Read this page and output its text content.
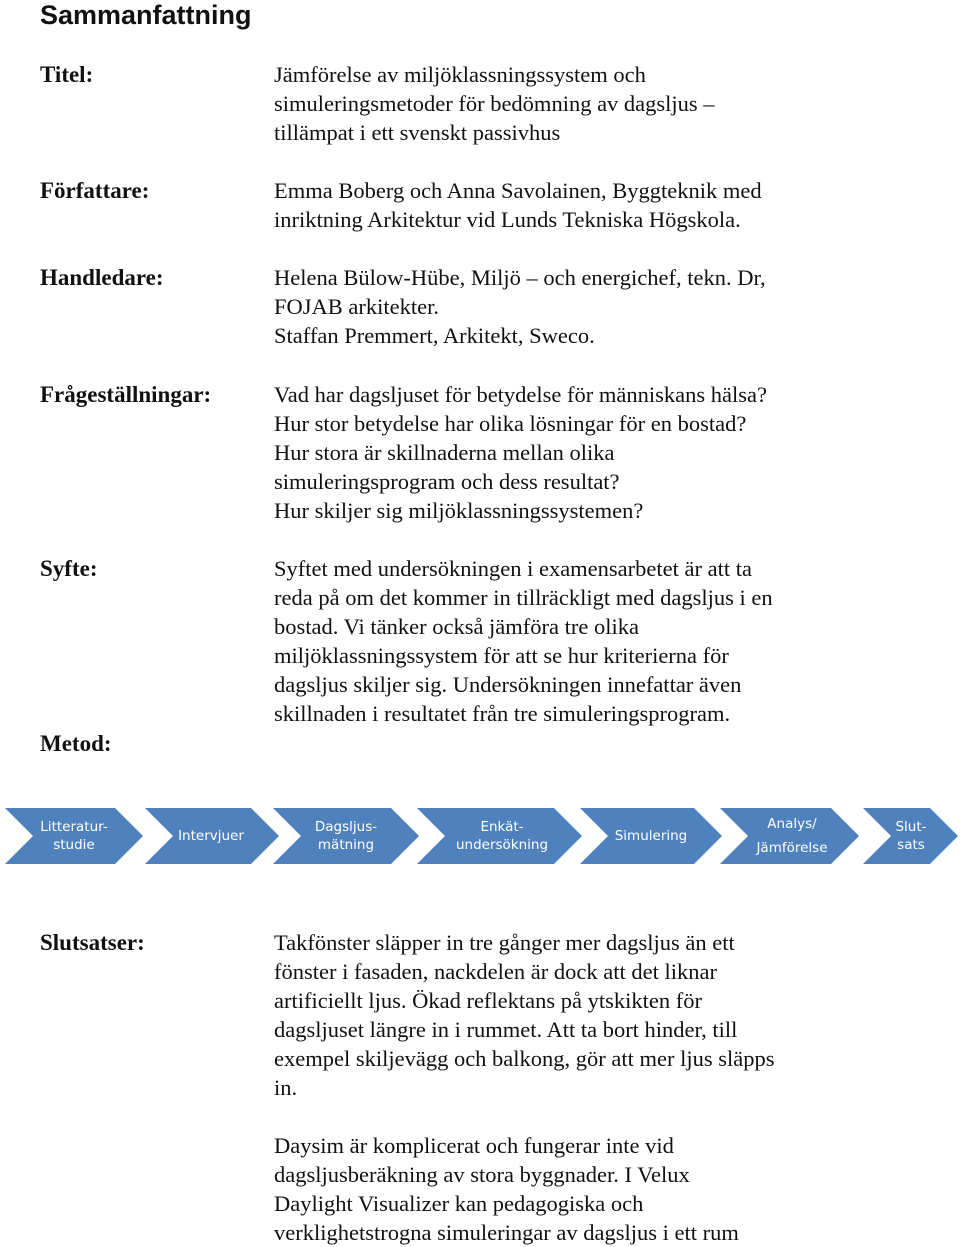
Sammanfattning
Titel:	Jämförelse av miljöklassningssystem och
simuleringsmetoder för bedömning av dagsljus –
tillämpat i ett svenskt passivhus
Författare:	Emma Boberg och Anna Savolainen, Byggteknik med
inriktning Arkitektur vid Lunds Tekniska Högskola.
Handledare:	Helena Bülow-Hübe, Miljö – och energichef, tekn. Dr,
FOJAB arkitekter.
Staffan Premmert, Arkitekt, Sweco.
Frågeställningar:	Vad har dagsljuset för betydelse för människans hälsa?
Hur stor betydelse har olika lösningar för en bostad?
Hur stora är skillnaderna mellan olika
simuleringsprogram och dess resultat?
Hur skiljer sig miljöklassningssystemen?
Syfte:	Syftet med undersökningen i examensarbetet är att ta
reda på om det kommer in tillräckligt med dagsljus i en
bostad. Vi tänker också jämföra tre olika
miljöklassningssystem för att se hur kriterierna för
dagsljus skiljer sig. Undersökningen innefattar även
skillnaden i resultatet från tre simuleringsprogram.
Metod:
Litteratur-
studie
Intervjuer
Dagsljus-
mätning
Enkät-
undersökning
Simulering
Analys/
Jämförelse
Slut-
sats
Slutsatser:	Takfönster släpper in tre gånger mer dagsljus än ett
fönster i fasaden, nackdelen är dock att det liknar
artificiellt ljus. Ökad reflektans på ytskikten för
dagsljuset längre in i rummet. Att ta bort hinder, till
exempel skiljevägg och balkong, gör att mer ljus släpps
in.
Daysim är komplicerat och fungerar inte vid
dagsljusberäkning av stora byggnader. I Velux
Daylight Visualizer kan pedagogiska och
verklighetstrogna simuleringar av dagsljus i ett rum
